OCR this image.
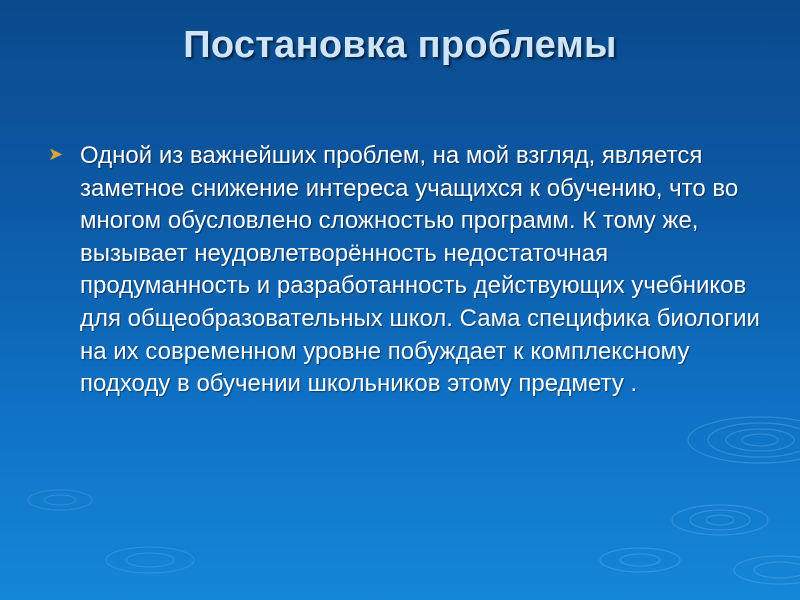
Постановка проблемы
➤ Одной из важнейших проблем, на мой взгляд, является заметное снижение интереса учащихся к обучению, что во многом обусловлено сложностью программ. К тому же, вызывает неудовлетворённость недостаточная продуманность и разработанность действующих учебников для общеобразовательных школ. Сама специфика биологии на их современном уровне побуждает к комплексному подходу в обучении школьников этому предмету .
